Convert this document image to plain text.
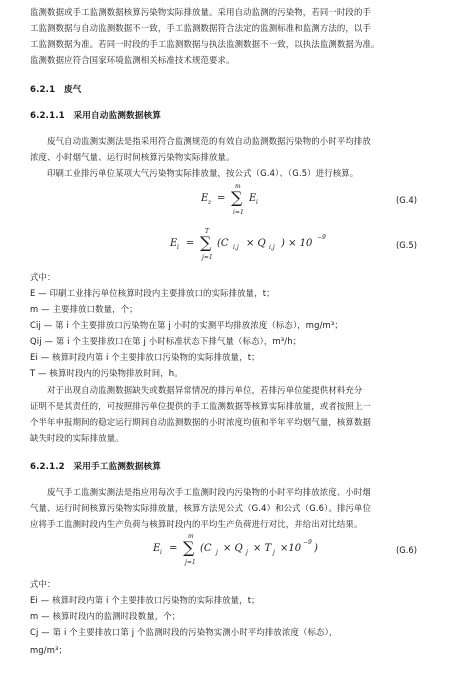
监测数据或手工监测数据核算污染物实际排放量。采用自动监测的污染物，若同一时段的手
工监测数据与自动监测数据不一致，手工监测数据符合法定的监测标准和监测方法的，以手
工监测数据为准。若同一时段的手工监测数据与执法监测数据不一致，以执法监测数据为准。
监测数据应符合国家环境监测相关标准技术规范要求。
6.2.1　废气
6.2.1.1　采用自动监测数据核算
废气自动监测实测法是指采用符合监测规范的有效自动监测数据污染物的小时平均排放
浓度、小时烟气量、运行时间核算污染物实际排放量。
印刷工业排污单位某项大气污染物实际排放量，按公式（G.4）、（G.5）进行核算。
E z =
m
∑
i=1
E i	(G.4)
E i =
T
∑
j=1
(C i,j × Q i,j ) × 10
−9
(G.5)
式中：
E — 印刷工业排污单位核算时段内主要排放口的实际排放量，t；
m — 主要排放口数量，个；
Cij — 第 i 个主要排放口污染物在第 j 小时的实测平均排放浓度（标态），mg/m³；
Qij — 第 i 个主要排放口在第 j 小时标准状态下排气量（标态），m³/h；
Ei — 核算时段内第 i 个主要排放口污染物的实际排放量，t；
T — 核算时段内的污染物排放时间，h。
对于出现自动监测数据缺失或数据异常情况的排污单位，若排污单位能提供材料充分
证明不是其责任的，可按照排污单位提供的手工监测数据等核算实际排放量，或者按照上一
个半年申报期间的稳定运行期间自动监测数据的小时浓度均值和半年平均烟气量，核算数据
缺失时段的实际排放量。
6.2.1.2　采用手工监测数据核算
废气手工监测实测法是指应用每次手工监测时段内污染物的小时平均排放浓度、小时烟
气量、运行时间核算污染物实际排放量，核算方法见公式（G.4）和公式（G.6）。排污单位
应将手工监测时段内生产负荷与核算时段内的平均生产负荷进行对比，并给出对比结果。
E i =
m
∑
j=1
(C j × Q j × T j ×10
−9
)	(G.6)
式中：
Ei — 核算时段内第 i 个主要排放口污染物的实际排放量，t；
m — 核算时段内的监测时段数量，个；
Cj — 第 i 个主要排放口第 j 个监测时段的污染物实测小时平均排放浓度（标态），
mg/m³；
